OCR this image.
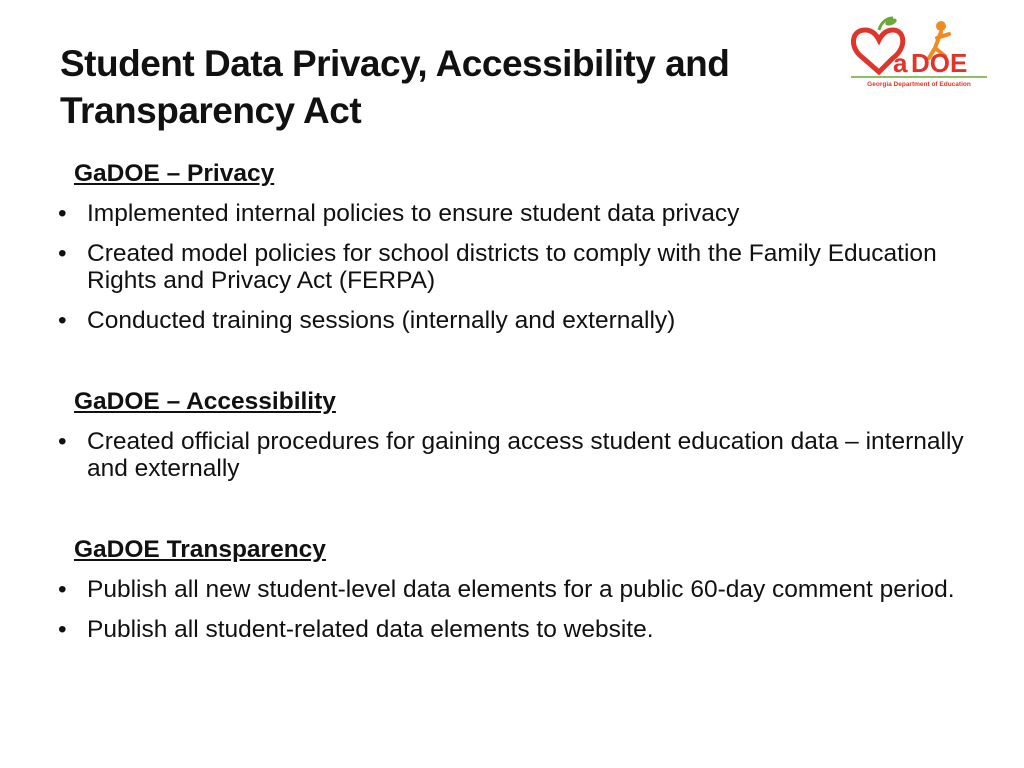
Student Data Privacy, Accessibility and Transparency Act
a DOE
Georgia Department of Education
GaDOE – Privacy
• Implemented internal policies to ensure student data privacy
• Created model policies for school districts to comply with the Family Education Rights and Privacy Act (FERPA)
• Conducted training sessions (internally and externally)
GaDOE – Accessibility
• Created official procedures for gaining access student education data – internally and externally
GaDOE Transparency
• Publish all new student-level data elements for a public 60-day comment period.
• Publish all student-related data elements to website.
